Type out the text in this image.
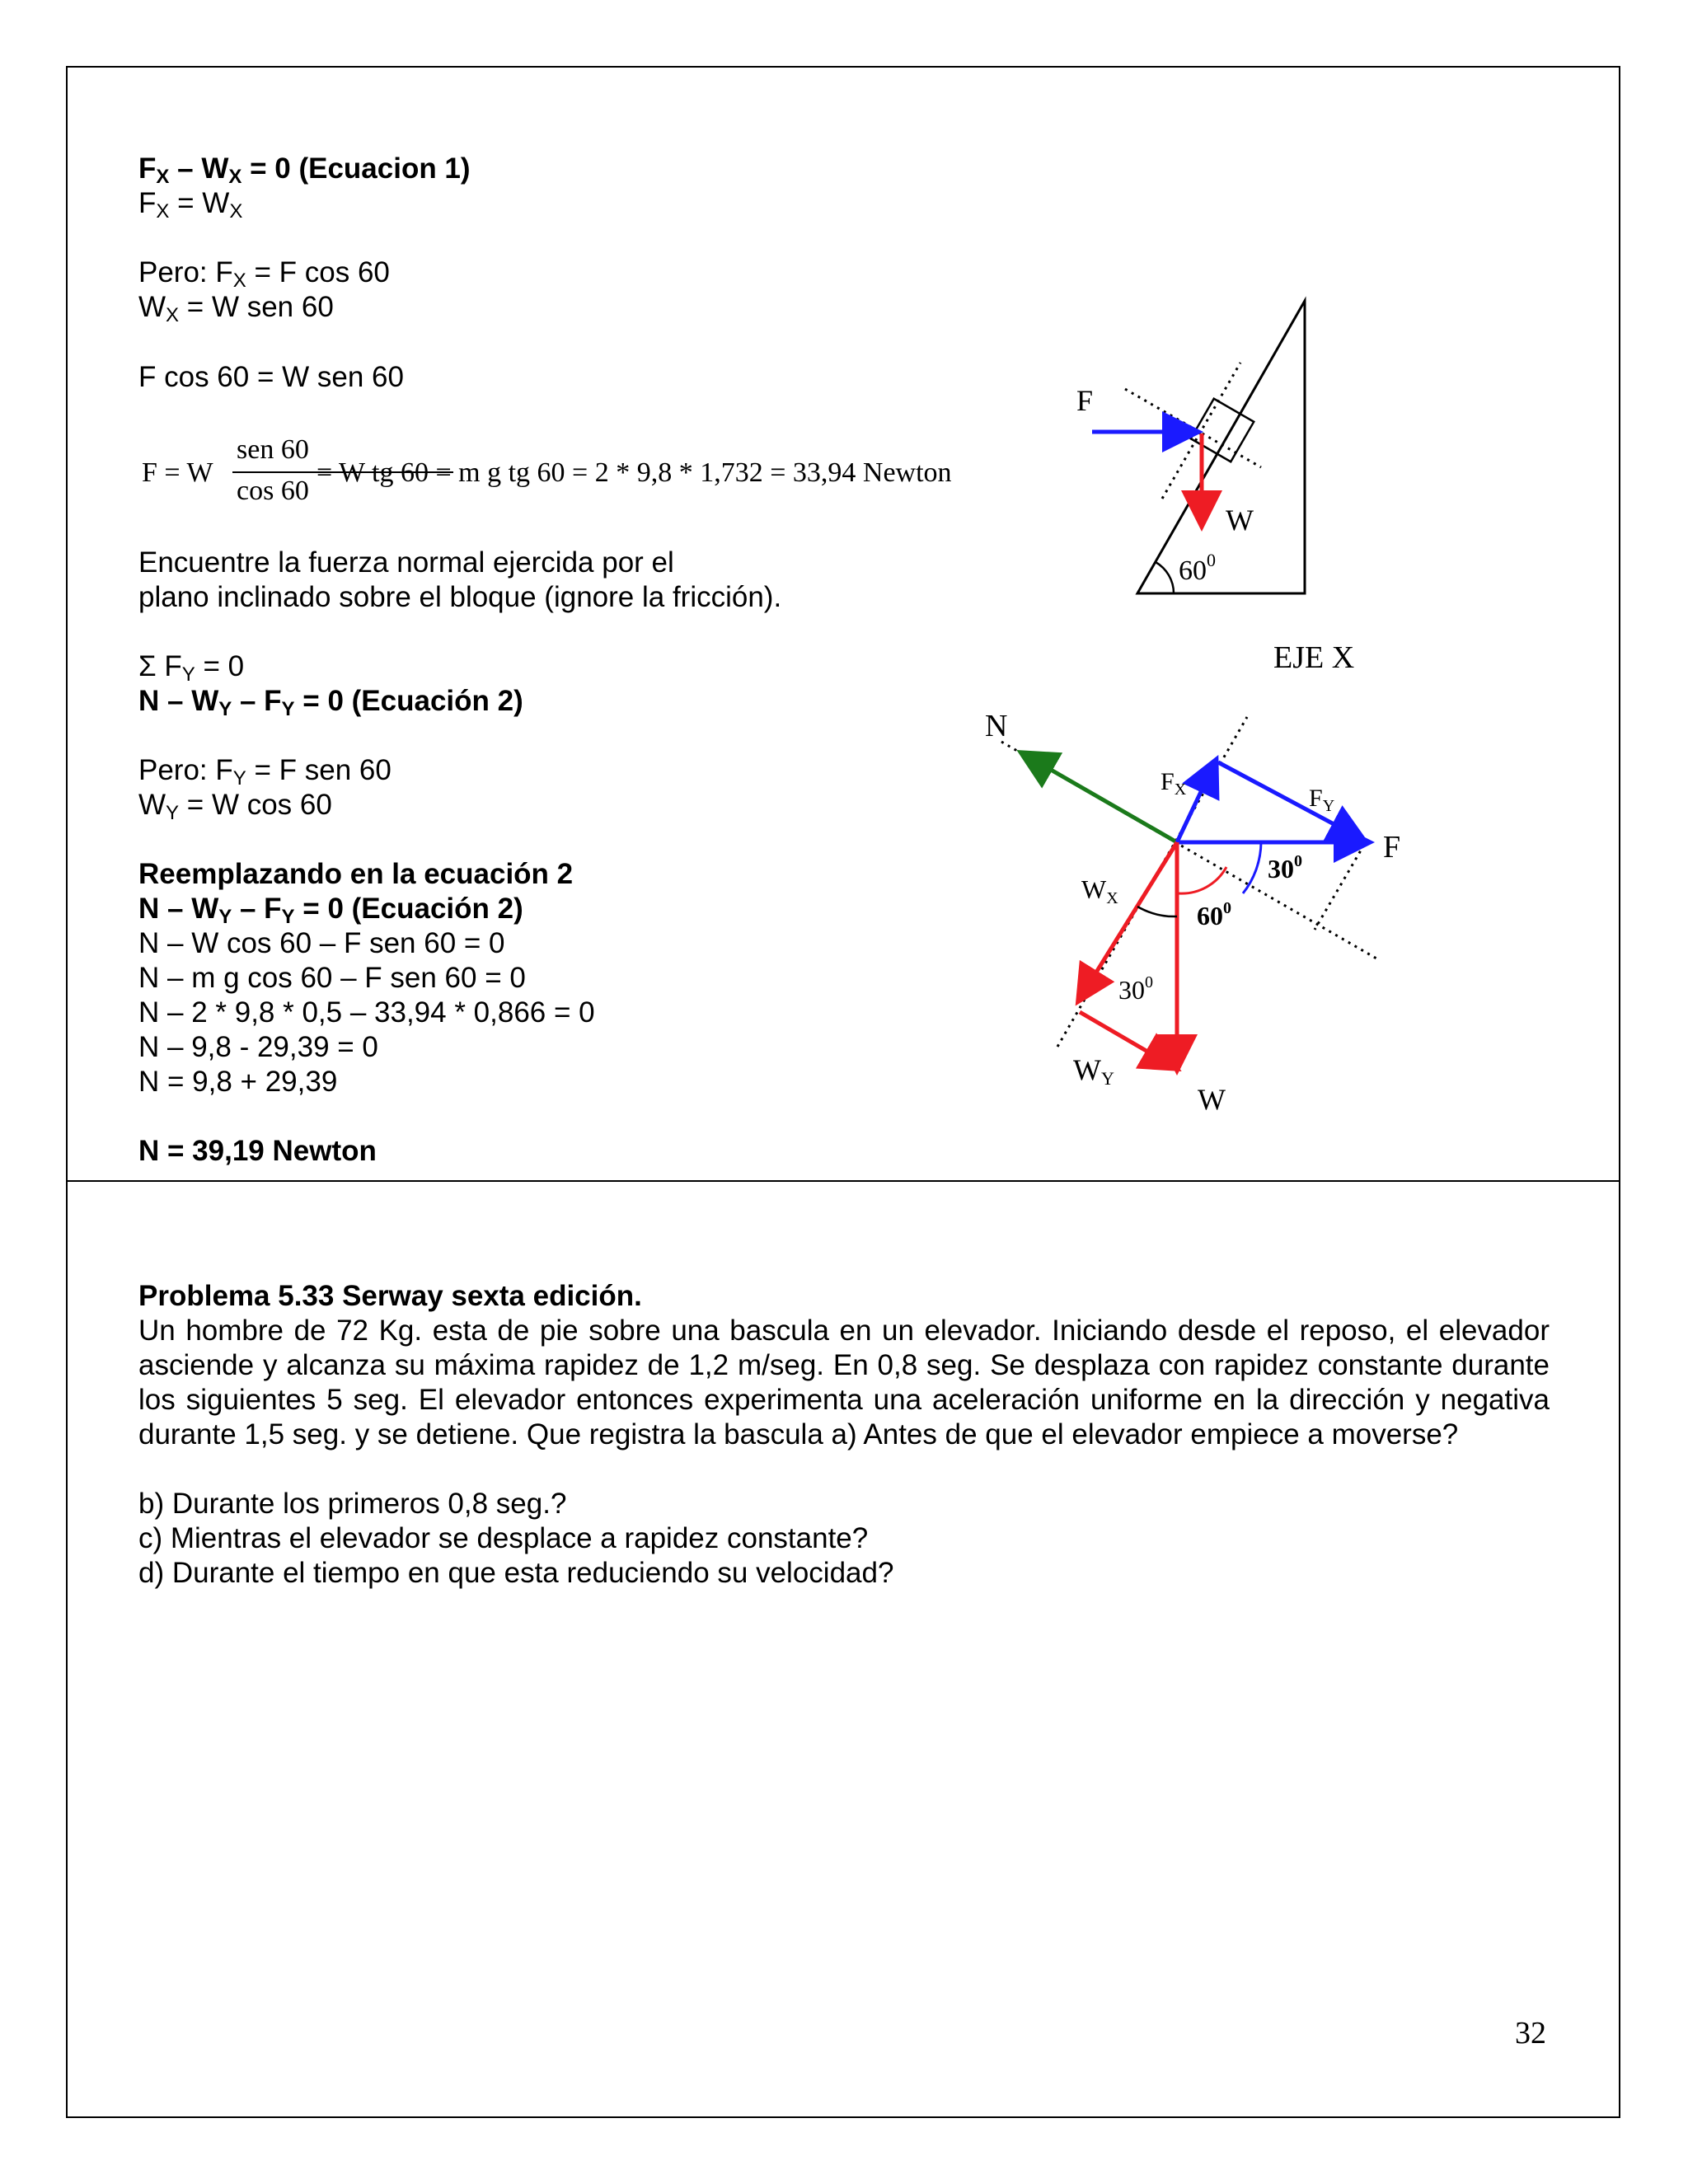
$F_X - W_X = 0$ (Ecuacion 1)
$F_X = W_X$
Pero: $F_X = F$ cos 60
$W_X = W$ sen 60
F cos 60 = W sen 60
F = W
sen 60
cos 60
= W tg 60 = m g tg 60 = 2 * 9,8 * 1,732 = 33,94 Newton
Encuentre la fuerza normal ejercida por el
plano inclinado sobre el bloque (ignore la fricción).
Σ $F_Y = 0$
$N - W_Y - F_Y = 0$ (Ecuación 2)
Pero: $F_Y = F$ sen 60
$W_Y = W$ cos 60
Reemplazando en la ecuación 2
$N - W_Y - F_Y = 0$ (Ecuación 2)
N – W cos 60 – F sen 60 = 0
N – m g cos 60 – F sen 60 = 0
N – 2 * 9,8 * 0,5 – 33,94 * 0,866 = 0
N – 9,8 - 29,39 = 0
N = 9,8 + 29,39
N = 39,19 Newton
F
W
$60^0$
EJE X
N
$F_X$	$F_Y$
F
$30^0$
WX
$60^0$
$30^0$
WY
W
Problema 5.33 Serway sexta edición.
Un hombre de 72 Kg. esta de pie sobre una bascula en un elevador. Iniciando desde el reposo, el elevador asciende y alcanza su máxima rapidez de 1,2 m/seg. En 0,8 seg. Se desplaza con rapidez constante durante los siguientes 5 seg. El elevador entonces experimenta una aceleración uniforme en la dirección y negativa durante 1,5 seg. y se detiene. Que registra la bascula a) Antes de que el elevador empiece a moverse?
b) Durante los primeros 0,8 seg.?
c) Mientras el elevador se desplace a rapidez constante?
d) Durante el tiempo en que esta reduciendo su velocidad?
32
